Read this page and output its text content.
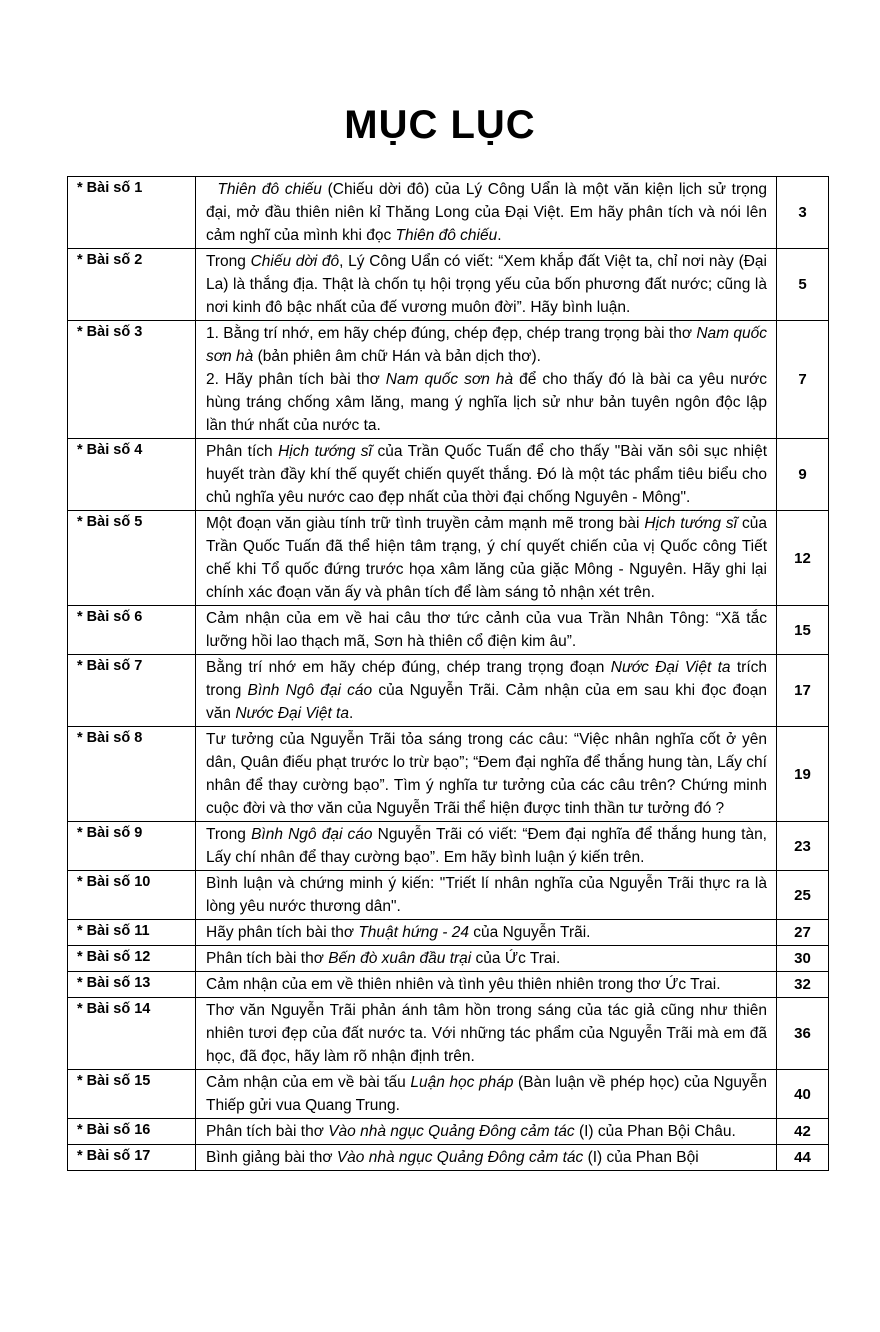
MỤC LỤC
* Bài số 1	Thiên đô chiếu (Chiếu dời đô) của Lý Công Uẩn là một văn kiện lịch sử trọng đại, mở đầu thiên niên kỉ Thăng Long của Đại Việt. Em hãy phân tích và nói lên cảm nghĩ của mình khi đọc Thiên đô chiếu.	3
* Bài số 2	Trong Chiếu dời đô, Lý Công Uẩn có viết: “Xem khắp đất Việt ta, chỉ nơi này (Đại La) là thắng địa. Thật là chốn tụ hội trọng yếu của bốn phương đất nước; cũng là nơi kinh đô bậc nhất của đế vương muôn đời”. Hãy bình luận.	5
* Bài số 3	1. Bằng trí nhớ, em hãy chép đúng, chép đẹp, chép trang trọng bài thơ Nam quốc sơn hà (bản phiên âm chữ Hán và bản dịch thơ).

2. Hãy phân tích bài thơ Nam quốc sơn hà để cho thấy đó là bài ca yêu nước hùng tráng chống xâm lăng, mang ý nghĩa lịch sử như bản tuyên ngôn độc lập lần thứ nhất của nước ta.	7
* Bài số 4	Phân tích Hịch tướng sĩ của Trần Quốc Tuấn để cho thấy "Bài văn sôi sục nhiệt huyết tràn đầy khí thế quyết chiến quyết thắng. Đó là một tác phẩm tiêu biểu cho chủ nghĩa yêu nước cao đẹp nhất của thời đại chống Nguyên - Mông".	9
* Bài số 5	Một đoạn văn giàu tính trữ tình truyền cảm mạnh mẽ trong bài Hịch tướng sĩ của Trần Quốc Tuấn đã thể hiện tâm trạng, ý chí quyết chiến của vị Quốc công Tiết chế khi Tổ quốc đứng trước họa xâm lăng của giặc Mông - Nguyên. Hãy ghi lại chính xác đoạn văn ấy và phân tích để làm sáng tỏ nhận xét trên.	12
* Bài số 6	Cảm nhận của em về hai câu thơ tức cảnh của vua Trần Nhân Tông: “Xã tắc lưỡng hồi lao thạch mã, Sơn hà thiên cổ điện kim âu”.	15
* Bài số 7	Bằng trí nhớ em hãy chép đúng, chép trang trọng đoạn Nước Đại Việt ta trích trong Bình Ngô đại cáo của Nguyễn Trãi. Cảm nhận của em sau khi đọc đoạn văn Nước Đại Việt ta.	17
* Bài số 8	Tư tưởng của Nguyễn Trãi tỏa sáng trong các câu: “Việc nhân nghĩa cốt ở yên dân, Quân điếu phạt trước lo trừ bạo”; “Đem đại nghĩa để thắng hung tàn, Lấy chí nhân để thay cường bạo”. Tìm ý nghĩa tư tưởng của các câu trên? Chứng minh cuộc đời và thơ văn của Nguyễn Trãi thể hiện được tinh thần tư tưởng đó ?	19
* Bài số 9	Trong Bình Ngô đại cáo Nguyễn Trãi có viết: “Đem đại nghĩa để thắng hung tàn, Lấy chí nhân để thay cường bạo”. Em hãy bình luận ý kiến trên.	23
* Bài số 10	Bình luận và chứng minh ý kiến: "Triết lí nhân nghĩa của Nguyễn Trãi thực ra là lòng yêu nước thương dân".	25
* Bài số 11	Hãy phân tích bài thơ Thuật hứng - 24 của Nguyễn Trãi.	27
* Bài số 12	Phân tích bài thơ Bến đò xuân đầu trại của Ức Trai.	30
* Bài số 13	Cảm nhận của em về thiên nhiên và tình yêu thiên nhiên trong thơ Ức Trai.	32
* Bài số 14	Thơ văn Nguyễn Trãi phản ánh tâm hồn trong sáng của tác giả cũng như thiên nhiên tươi đẹp của đất nước ta. Với những tác phẩm của Nguyễn Trãi mà em đã học, đã đọc, hãy làm rõ nhận định trên.	36
* Bài số 15	Cảm nhận của em về bài tấu Luận học pháp (Bàn luận về phép học) của Nguyễn Thiếp gửi vua Quang Trung.	40
* Bài số 16	Phân tích bài thơ Vào nhà ngục Quảng Đông cảm tác (I) của Phan Bội Châu.	42
* Bài số 17	Bình giảng bài thơ Vào nhà ngục Quảng Đông cảm tác (I) của Phan Bội	44
